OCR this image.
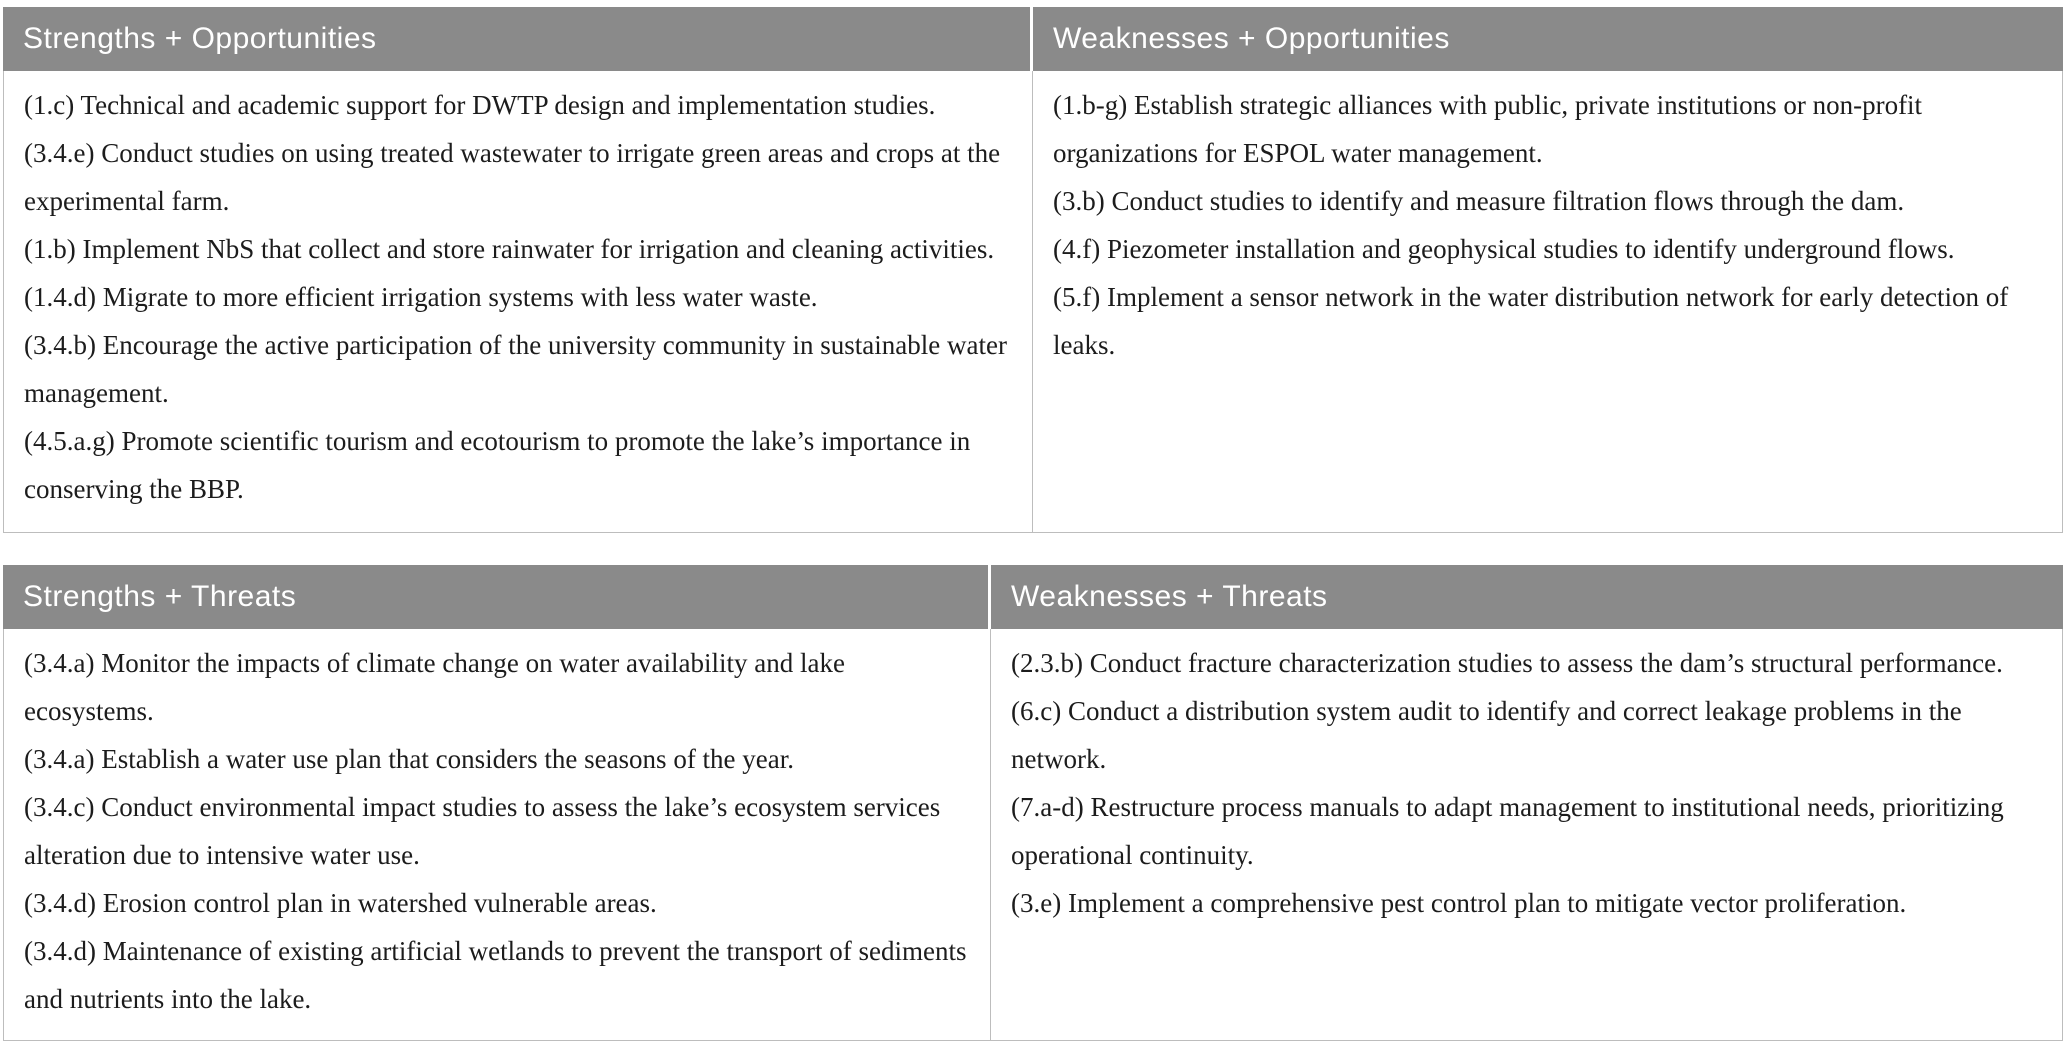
Strengths + Opportunities	Weaknesses + Opportunities

(1.c) Technical and academic support for DWTP design and implementation studies.

(3.4.e) Conduct studies on using treated wastewater to irrigate green areas and crops at the experimental farm.

(1.b) Implement NbS that collect and store rainwater for irrigation and cleaning activities. (1.4.d) Migrate to more efficient irrigation systems with less water waste.

(3.4.b) Encourage the active participation of the university community in sustainable water management.

(4.5.a.g) Promote scientific tourism and ecotourism to promote the lake’s importance in conserving the BBP.

(1.b-g) Establish strategic alliances with public, private institutions or non-profit organizations for ESPOL water management.

(3.b) Conduct studies to identify and measure filtration flows through the dam.

(4.f) Piezometer installation and geophysical studies to identify underground flows.

(5.f) Implement a sensor network in the water distribution network for early detection of leaks.

Strengths + Threats	Weaknesses + Threats

(3.4.a) Monitor the impacts of climate change on water availability and lake ecosystems.

(3.4.a) Establish a water use plan that considers the seasons of the year.

(3.4.c) Conduct environmental impact studies to assess the lake’s ecosystem services alteration due to intensive water use.

(3.4.d) Erosion control plan in watershed vulnerable areas.

(3.4.d) Maintenance of existing artificial wetlands to prevent the transport of sediments and nutrients into the lake.

(2.3.b) Conduct fracture characterization studies to assess the dam’s structural performance.

(6.c) Conduct a distribution system audit to identify and correct leakage problems in the network.

(7.a-d) Restructure process manuals to adapt management to institutional needs, prioritizing operational continuity.

(3.e) Implement a comprehensive pest control plan to mitigate vector proliferation.
